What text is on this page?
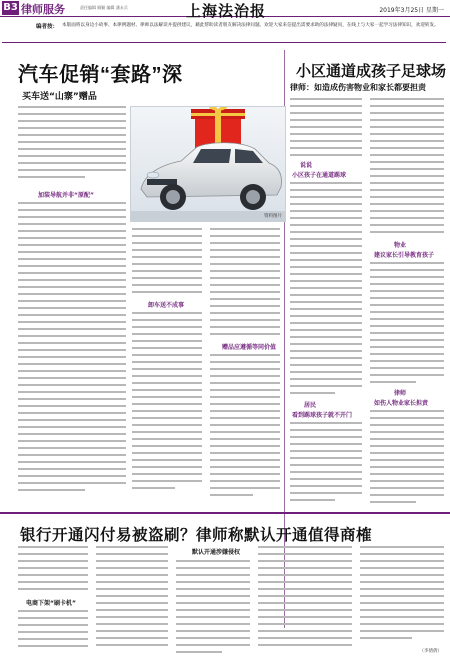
B3 律师服务	责任编辑 顾颖 编辑 潘永兵	上海法治报	2019年3月25日 星期一
编者按： 本版面将以身边小故事、本律例题材、律师以法解读并提供建议，藉此帮助读者朋友解决法律问题。欢迎大家来信提出需要求助的法律疑问，在线上与大家一起学习法律知识，欢迎转发。
汽车促销“套路”深
买车送“山寨”赠品
加装导航并非“原配”
资料图片
卸车送不成事
赠品应遵循等同价值
小区通道成孩子足球场
律师：如造成伤害物业和家长都要担责
说说
小区孩子在通道踢球
居民
看到踢球孩子就不开门
物业
建议家长引导教育孩子
律师
如伤人物业家长担责
银行开通闪付易被盗刷？律师称默认开通值得商榷
电商下架“刷卡机”
默认开通涉嫌侵权
（李倩倩）
